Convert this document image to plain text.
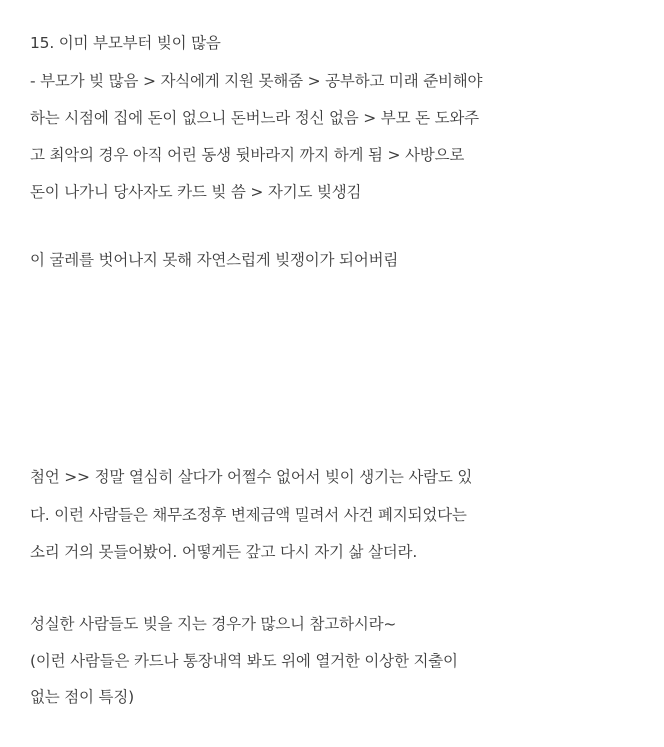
15. 이미 부모부터 빚이 많음
- 부모가 빚 많음 > 자식에게 지원 못해줌 > 공부하고 미래 준비해야
하는 시점에 집에 돈이 없으니 돈버느라 정신 없음 > 부모 돈 도와주
고 최악의 경우 아직 어린 동생 뒷바라지 까지 하게 됨 > 사방으로
돈이 나가니 당사자도 카드 빚 씀 > 자기도 빚생김
이 굴레를 벗어나지 못해 자연스럽게 빚쟁이가 되어버림
첨언 >> 정말 열심히 살다가 어쩔수 없어서 빚이 생기는 사람도 있
다. 이런 사람들은 채무조정후 변제금액 밀려서 사건 폐지되었다는
소리 거의 못들어봤어. 어떻게든 갚고 다시 자기 삶 살더라.
성실한 사람들도 빚을 지는 경우가 많으니 참고하시라~
(이런 사람들은 카드나 통장내역 봐도 위에 열거한 이상한 지출이
없는 점이 특징)
